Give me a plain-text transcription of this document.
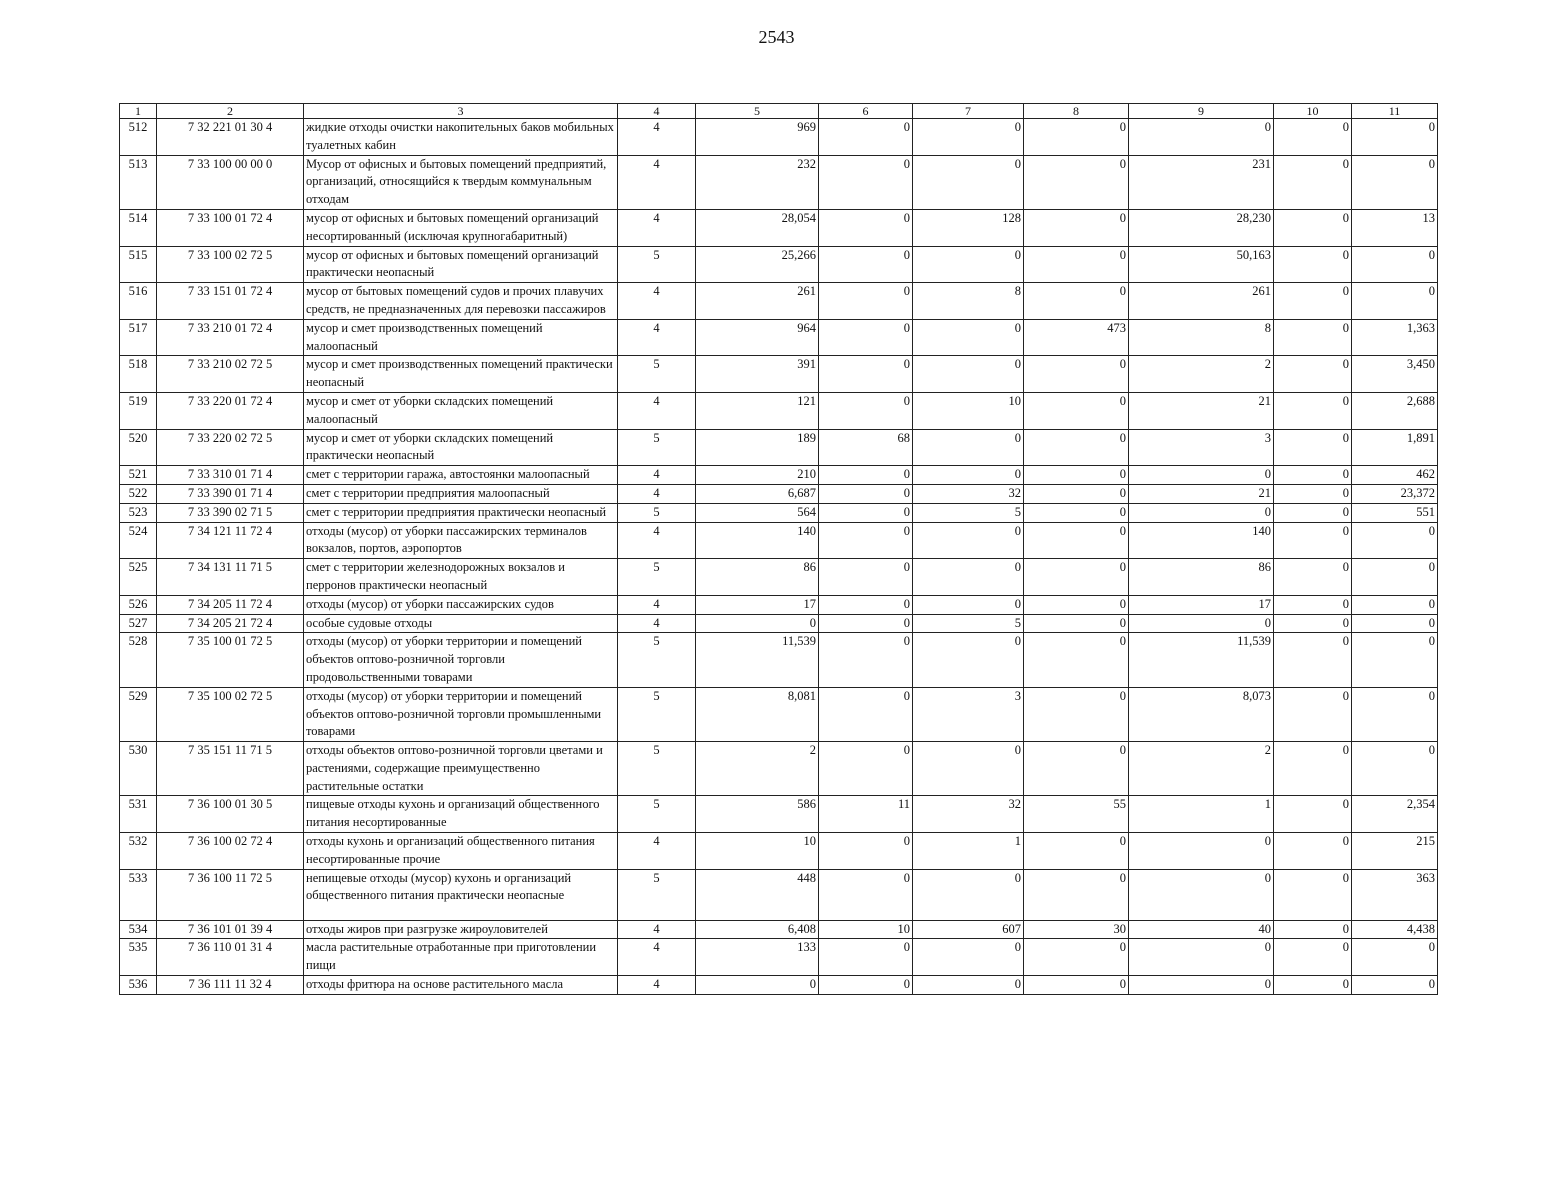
2543
1	2	3	4	5	6	7	8	9	10	11
512	7 32 221 01 30 4	жидкие отходы очистки накопительных баков мобильных туалетных кабин	4	969	0	0	0	0	0	0
513	7 33 100 00 00 0	Мусор от офисных и бытовых помещений предприятий, организаций, относящийся к твердым коммунальным отходам	4	232	0	0	0	231	0	0
514	7 33 100 01 72 4	мусор от офисных и бытовых помещений организаций несортированный (исключая крупногабаритный)	4	28,054	0	128	0	28,230	0	13
515	7 33 100 02 72 5	мусор от офисных и бытовых помещений организаций практически неопасный	5	25,266	0	0	0	50,163	0	0
516	7 33 151 01 72 4	мусор от бытовых помещений судов и прочих плавучих средств, не предназначенных для перевозки пассажиров	4	261	0	8	0	261	0	0
517	7 33 210 01 72 4	мусор и смет производственных помещений малоопасный	4	964	0	0	473	8	0	1,363
518	7 33 210 02 72 5	мусор и смет производственных помещений практически неопасный	5	391	0	0	0	2	0	3,450
519	7 33 220 01 72 4	мусор и смет от уборки складских помещений малоопасный	4	121	0	10	0	21	0	2,688
520	7 33 220 02 72 5	мусор и смет от уборки складских помещений практически неопасный	5	189	68	0	0	3	0	1,891
521	7 33 310 01 71 4	смет с территории гаража, автостоянки малоопасный	4	210	0	0	0	0	0	462
522	7 33 390 01 71 4	смет с территории предприятия малоопасный	4	6,687	0	32	0	21	0	23,372
523	7 33 390 02 71 5	смет с территории предприятия практически неопасный	5	564	0	5	0	0	0	551
524	7 34 121 11 72 4	отходы (мусор) от уборки пассажирских терминалов вокзалов, портов, аэропортов	4	140	0	0	0	140	0	0
525	7 34 131 11 71 5	смет с территории железнодорожных вокзалов и перронов практически неопасный	5	86	0	0	0	86	0	0
526	7 34 205 11 72 4	отходы (мусор) от уборки пассажирских судов	4	17	0	0	0	17	0	0
527	7 34 205 21 72 4	особые судовые отходы	4	0	0	5	0	0	0	0
528	7 35 100 01 72 5	отходы (мусор) от уборки территории и помещений объектов оптово-розничной торговли продовольственными товарами	5	11,539	0	0	0	11,539	0	0
529	7 35 100 02 72 5	отходы (мусор) от уборки территории и помещений объектов оптово-розничной торговли промышленными товарами	5	8,081	0	3	0	8,073	0	0
530	7 35 151 11 71 5	отходы объектов оптово-розничной торговли цветами и растениями, содержащие преимущественно растительные остатки	5	2	0	0	0	2	0	0
531	7 36 100 01 30 5	пищевые отходы кухонь и организаций общественного питания несортированные	5	586	11	32	55	1	0	2,354
532	7 36 100 02 72 4	отходы кухонь и организаций общественного питания несортированные прочие	4	10	0	1	0	0	0	215
533	7 36 100 11 72 5	непищевые отходы (мусор) кухонь и организаций общественного питания практически неопасные	5	448	0	0	0	0	0	363
534	7 36 101 01 39 4	отходы жиров при разгрузке жироуловителей	4	6,408	10	607	30	40	0	4,438
535	7 36 110 01 31 4	масла растительные отработанные при приготовлении пищи	4	133	0	0	0	0	0	0
536	7 36 111 11 32 4	отходы фритюра на основе растительного масла	4	0	0	0	0	0	0	0
